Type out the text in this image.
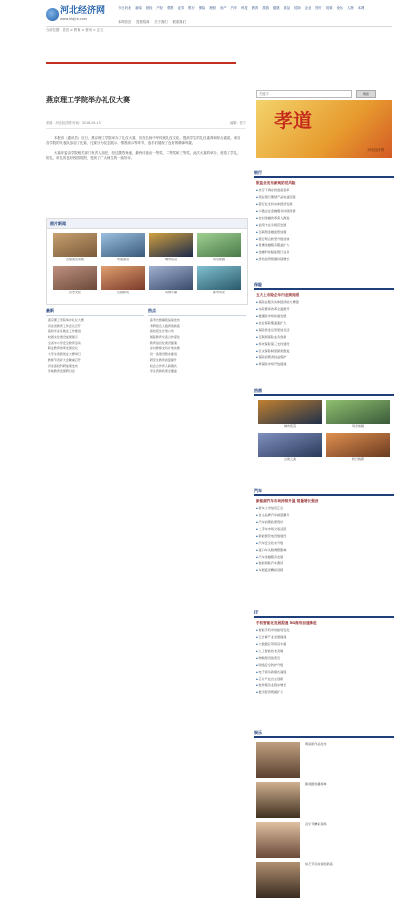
河北经济网
www.hbjjrb.com
今日河北 新闻 财经 产经 观察 证券 银行 保险 理财 房产 汽车 科技 教育 旅游 健康 食品 招商 企业 图片 视频 论坛 人物 本网
本网首页 投资招商 关于我们 联系我们
当前位置：首页 > 教育 > 资讯 > 正文
燕京理工学院举办礼仪大赛
来源：河北经济网 时间：2016-05-13	编辑：张宁

本报讯（通讯员）近日，燕京理工学院举办了礼仪大赛，旨在弘扬中华传统礼仪文化，提高学生的礼仪素养和综合素质。来自各学院的代表队参加了比赛，比赛分为仪态展示、情景演示等环节，选手们展现了良好的精神风貌。

大赛评委由学院相关部门负责人担任，经过激烈角逐，最终评选出一等奖、二等奖和三等奖。此次大赛的举办，营造了学礼、知礼、用礼的良好校园氛围，受到了广大师生的一致好评。

图片新闻
古装美女亮相	奇观美景	城市夜景	风景如画
历史文化	古韵新风	风情小镇	都市风光
最新
· 燕京理工学院举办礼仪大赛
· 河北省教育工作会议召开
· 高校毕业生就业工作推进
· 校园文化建设成果展示
· 全省中小学安全教育活动
· 职业教育改革发展论坛
· 大学生创新创业大赛举行
· 教师节表彰大会隆重召开
· 河北高校科研成果发布
· 学前教育发展研讨会
热点
· 高考志愿填报指南发布
· 考研报名人数再创新高
· 高校招生计划公布
· 国际教育交流合作深化
· 教育信息化建设提速
· 乡村教师支持计划实施
· 双一流建设稳步推进
· 研究生教育质量提升
· 校企合作育人新模式
· 学生资助政策全覆盖
关键字	搜索
孝道
河北经济网
银行
银监会发布新规防范风险
▪ 央行下调存款准备金率
▪ 商业银行理财产品收益回落
▪ 银行业支持实体经济发展
▪ 小微企业金融服务持续改善
▪ 农村金融改革深入推进
▪ 信用卡业务规范发展
▪ 互联网金融监管加强
▪ 银行网点转型升级加快
▪ 普惠金融服务覆盖扩大
▪ 金融科技赋能银行业务
▪ 绿色信贷规模持续增长
保险
五大上市险企年内业绩亮眼
▪ 保险业服务实体经济能力增强
▪ 车险费率改革全面推开
▪ 健康险市场快速发展
▪ 农业保险覆盖面扩大
▪ 保险资金运用更加灵活
▪ 互联网保险业务创新
▪ 养老保险第三支柱建设
▪ 巨灾保险制度探索推进
▪ 保险消费者权益保护
▪ 再保险市场开放提速
热图
城市夜景	风光如画
古建之美	秋日晚霞
汽车
新能源汽车市场持续升温 销量增长强劲
▪ 新车上市信息汇总
▪ 自主品牌汽车销量攀升
▪ 汽车消费政策利好
▪ 二手车市场交易活跃
▪ 新能源充电设施建设
▪ 汽车安全技术升级
▪ 进口车关税调整影响
▪ 汽车金融服务发展
▪ 智能网联汽车测试
▪ 车展盛况精彩回顾
IT
手机智能化发展提速 5G商用加速推进
▪ 智能手机市场格局变化
▪ 云计算产业发展提速
▪ 大数据应用场景丰富
▪ 人工智能技术突破
▪ 物联网设备普及
▪ 网络安全防护升级
▪ 电子商务新模式涌现
▪ 芯片产业自主创新
▪ 软件服务业稳步增长
▪ 数字经济规模扩大
娱乐
明星新作品发布
影视剧热播榜单
音乐节精彩现场
综艺节目收视创新高
